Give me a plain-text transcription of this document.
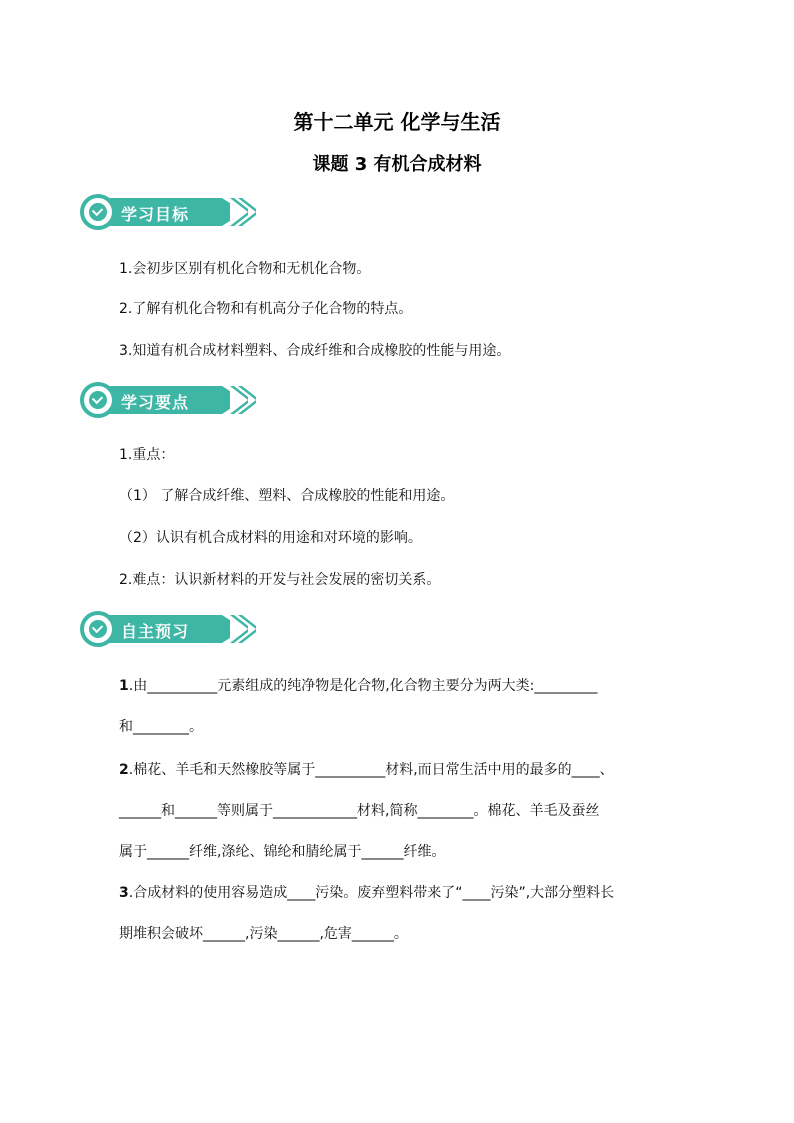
第十二单元 化学与生活
课题 3 有机合成材料
学习目标
1.会初步区别有机化合物和无机化合物。
2.了解有机化合物和有机高分子化合物的特点。
3.知道有机合成材料塑料、合成纤维和合成橡胶的性能与用途。
学习要点
1.重点：
（1） 了解合成纤维、塑料、合成橡胶的性能和用途。
（2）认识有机合成材料的用途和对环境的影响。
2.难点：认识新材料的开发与社会发展的密切关系。
自主预习
1.由__________元素组成的纯净物是化合物,化合物主要分为两大类:_________
和________。
2.棉花、羊毛和天然橡胶等属于__________材料,而日常生活中用的最多的____、
______和______等则属于____________材料,简称________。棉花、羊毛及蚕丝
属于______纤维,涤纶、锦纶和腈纶属于______纤维。
3.合成材料的使用容易造成____污染。废弃塑料带来了“____污染”,大部分塑料长
期堆积会破坏______,污染______,危害______。
